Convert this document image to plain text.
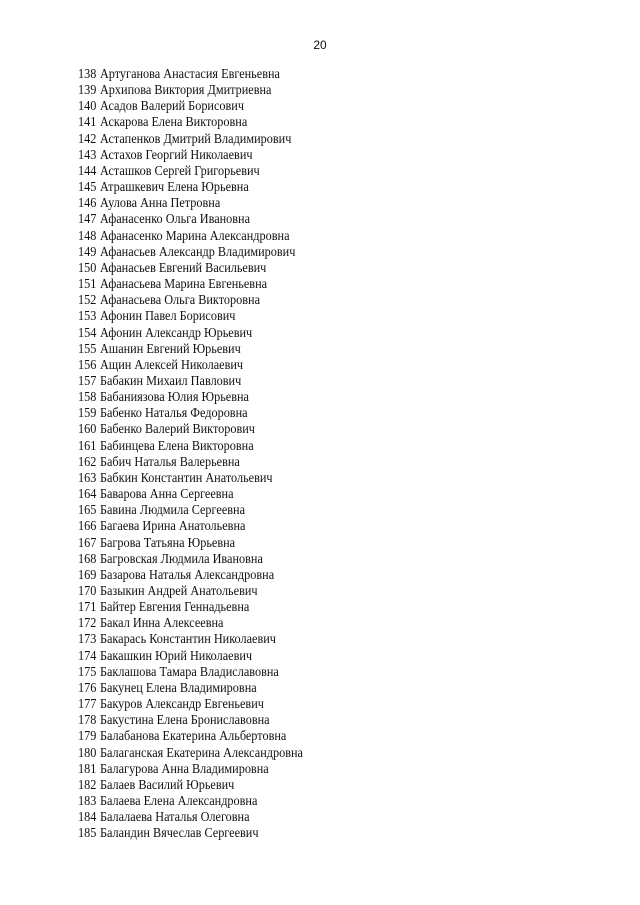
20
138 Артуганова Анастасия Евгеньевна
139 Архипова Виктория Дмитриевна
140 Асадов Валерий Борисович
141 Аскарова Елена Викторовна
142 Астапенков Дмитрий Владимирович
143 Астахов Георгий Николаевич
144 Асташков Сергей Григорьевич
145 Атрашкевич Елена Юрьевна
146 Аулова Анна Петровна
147 Афанасенко Ольга Ивановна
148 Афанасенко Марина Александровна
149 Афанасьев Александр Владимирович
150 Афанасьев Евгений Васильевич
151 Афанасьева Марина Евгеньевна
152 Афанасьева Ольга Викторовна
153 Афонин Павел Борисович
154 Афонин Александр Юрьевич
155 Ашанин Евгений Юрьевич
156 Ащин Алексей Николаевич
157 Бабакин Михаил Павлович
158 Бабаниязова Юлия Юрьевна
159 Бабенко Наталья Федоровна
160 Бабенко Валерий Викторович
161 Бабинцева Елена Викторовна
162 Бабич Наталья Валерьевна
163 Бабкин Константин Анатольевич
164 Баварова Анна Сергеевна
165 Бавина Людмила Сергеевна
166 Багаева Ирина Анатольевна
167 Багрова Татьяна Юрьевна
168 Багровская Людмила Ивановна
169 Базарова Наталья Александровна
170 Базыкин Андрей Анатольевич
171 Байтер Евгения Геннадьевна
172 Бакал Инна Алексеевна
173 Бакарась Константин Николаевич
174 Бакашкин Юрий Николаевич
175 Баклашова Тамара Владиславовна
176 Бакунец Елена Владимировна
177 Бакуров Александр Евгеньевич
178 Бакустина Елена Брониславовна
179 Балабанова Екатерина Альбертовна
180 Балаганская Екатерина Александровна
181 Балагурова Анна Владимировна
182 Балаев Василий Юрьевич
183 Балаева Елена Александровна
184 Балалаева Наталья Олеговна
185 Баландин Вячеслав Сергеевич
